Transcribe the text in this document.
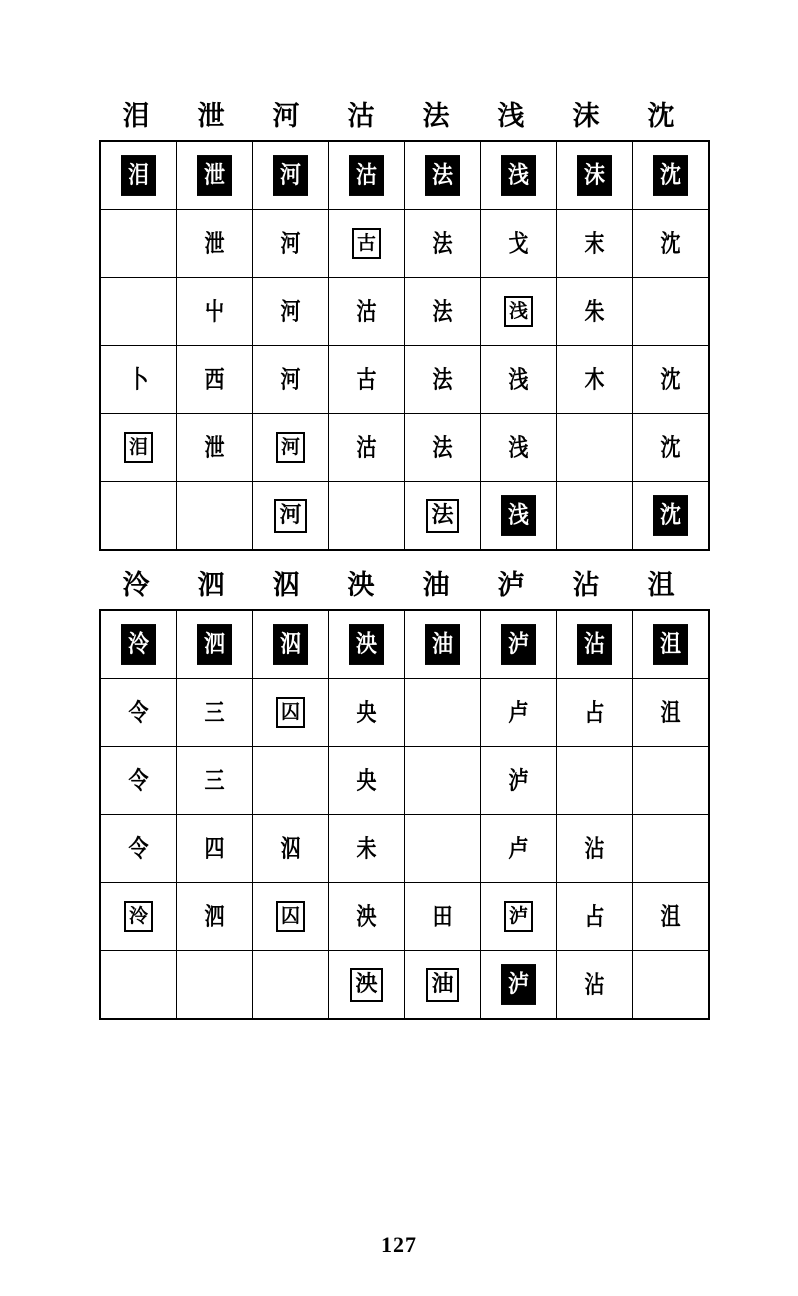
泪	泄	河	沽	法	浅	沫	沈
泪	泄	河	沽	法	浅	沫	沈
	泄	河	古	法	戈	末	沈
	屮	河	沽	法	浅	朱	
卜	西	河	古	法	浅	木	沈
泪	泄	河	沽	法	浅		沈
		河		法	浅		沈
泠	泗	泅	泱	油	泸	沾	沮
泠	泗	泅	泱	油	泸	沾	沮
令	三	囚	央		卢	占	沮
令	三		央		泸		
令	四	泅	未		卢	沾	
泠	泗	囚	泱	田	泸	占	沮
			泱	油	泸	沾	
127
